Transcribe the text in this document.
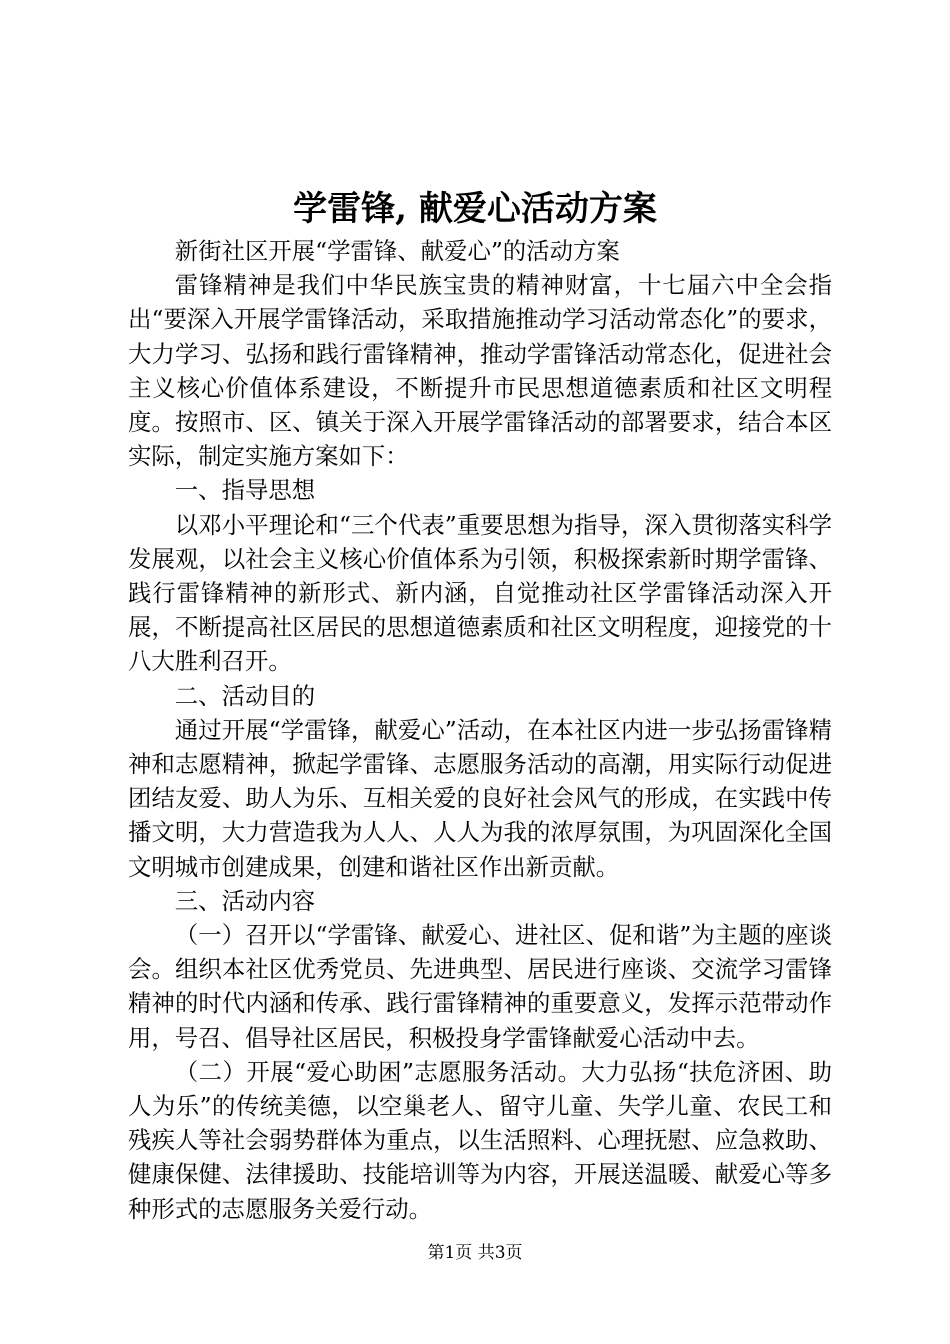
学雷锋, 献爱心活动方案

新街社区开展“学雷锋、献爱心”的活动方案

雷锋精神是我们中华民族宝贵的精神财富，十七届六中全会指出“要深入开展学雷锋活动，采取措施推动学习活动常态化”的要求，大力学习、弘扬和践行雷锋精神，推动学雷锋活动常态化，促进社会主义核心价值体系建设，不断提升市民思想道德素质和社区文明程度。按照市、区、镇关于深入开展学雷锋活动的部署要求，结合本区实际，制定实施方案如下：

一、指导思想

以邓小平理论和“三个代表”重要思想为指导，深入贯彻落实科学发展观，以社会主义核心价值体系为引领，积极探索新时期学雷锋、践行雷锋精神的新形式、新内涵，自觉推动社区学雷锋活动深入开展，不断提高社区居民的思想道德素质和社区文明程度，迎接党的十八大胜利召开。

二、活动目的

通过开展“学雷锋，献爱心”活动，在本社区内进一步弘扬雷锋精神和志愿精神，掀起学雷锋、志愿服务活动的高潮，用实际行动促进团结友爱、助人为乐、互相关爱的良好社会风气的形成，在实践中传播文明，大力营造我为人人、人人为我的浓厚氛围，为巩固深化全国文明城市创建成果，创建和谐社区作出新贡献。

三、活动内容

（一）召开以“学雷锋、献爱心、进社区、促和谐”为主题的座谈会。组织本社区优秀党员、先进典型、居民进行座谈、交流学习雷锋精神的时代内涵和传承、践行雷锋精神的重要意义，发挥示范带动作用，号召、倡导社区居民，积极投身学雷锋献爱心活动中去。

（二）开展“爱心助困”志愿服务活动。大力弘扬“扶危济困、助人为乐”的传统美德，以空巢老人、留守儿童、失学儿童、农民工和残疾人等社会弱势群体为重点，以生活照料、心理抚慰、应急救助、健康保健、法律援助、技能培训等为内容，开展送温暖、献爱心等多种形式的志愿服务关爱行动。

第1页 共3页
